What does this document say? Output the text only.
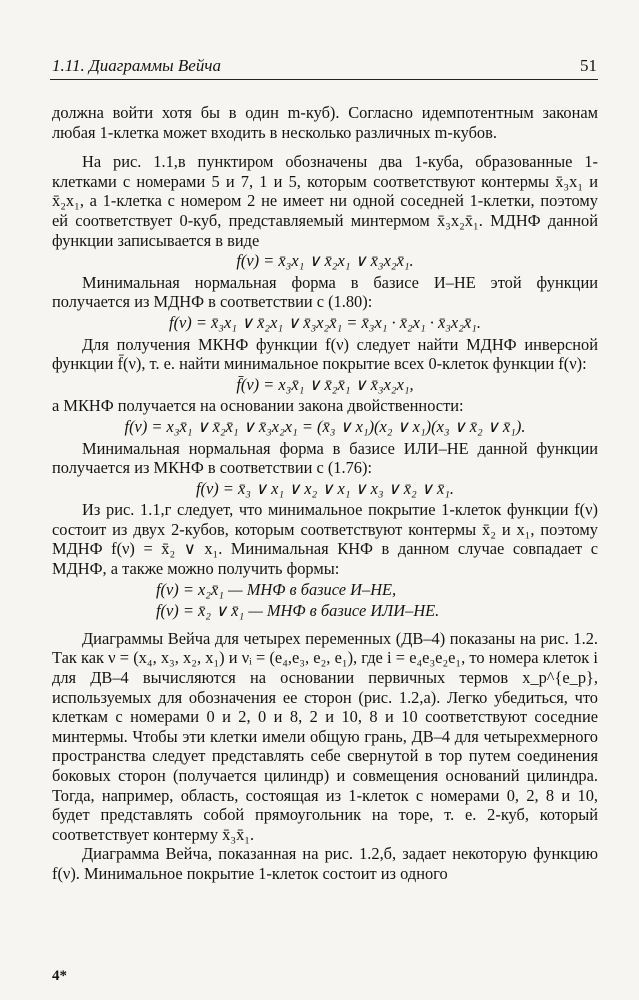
1.11. Диаграммы Вейча	51

должна войти хотя бы в один m-куб). Согласно идемпотентным законам любая 1-клетка может входить в несколько различных m-кубов.

На рис. 1.1,в пунктиром обозначены два 1-куба, образованные 1-клетками с номерами 5 и 7, 1 и 5, которым соответствуют контермы x̄₃x₁ и x̄₂x₁, а 1-клетка с номером 2 не имеет ни одной соседней 1-клетки, поэтому ей соответствует 0-куб, представляемый минтермом x̄₃x₂x̄₁. МДНФ данной функции записывается в виде

f(ν) = x̄₃x₁ ∨ x̄₂x₁ ∨ x̄₃x₂x̄₁.

Минимальная нормальная форма в базисе И–НЕ этой функции получается из МДНФ в соответствии с (1.80):

f(ν) = x̄₃x₁ ∨ x̄₂x₁ ∨ x̄₃x₂x̄₁ = x̄₃x₁ · x̄₂x₁ · x̄₃x₂x̄₁.

Для получения МКНФ функции f(ν) следует найти МДНФ инверсной функции f̄(ν), т. е. найти минимальное покрытие всех 0-клеток функции f(ν):

f̄(ν) = x₃x̄₁ ∨ x̄₂x̄₁ ∨ x̄₃x₂x₁,

а МКНФ получается на основании закона двойственности:

f(ν) = x₃x̄₁ ∨ x̄₂x̄₁ ∨ x̄₃x₂x₁ = (x̄₃ ∨ x₁)(x₂ ∨ x₁)(x₃ ∨ x̄₂ ∨ x̄₁).

Минимальная нормальная форма в базисе ИЛИ–НЕ данной функции получается из МКНФ в соответствии с (1.76):

f(ν) = x̄₃ ∨ x₁ ∨ x₂ ∨ x₁ ∨ x₃ ∨ x̄₂ ∨ x̄₁.

Из рис. 1.1,г следует, что минимальное покрытие 1-клеток функции f(ν) состоит из двух 2-кубов, которым соответствуют контермы x̄₂ и x₁, поэтому МДНФ f(ν) = x̄₂ ∨ x₁. Минимальная КНФ в данном случае совпадает с МДНФ, а также можно получить формы:

f(ν) = x₂x̄₁ — МНФ в базисе И–НЕ,
f(ν) = x̄₂ ∨ x̄₁ — МНФ в базисе ИЛИ–НЕ.

Диаграммы Вейча для четырех переменных (ДВ–4) показаны на рис. 1.2. Так как ν = (x₄, x₃, x₂, x₁) и νᵢ = (e₄,e₃, e₂, e₁), где i = e₄e₃e₂e₁, то номера клеток i для ДВ–4 вычисляются на основании первичных термов x_p^{e_p}, используемых для обозначения ее сторон (рис. 1.2,а). Легко убедиться, что клеткам с номерами 0 и 2, 0 и 8, 2 и 10, 8 и 10 соответствуют соседние минтермы. Чтобы эти клетки имели общую грань, ДВ–4 для четырехмерного пространства следует представлять себе свернутой в тор путем соединения боковых сторон (получается цилиндр) и совмещения оснований цилиндра. Тогда, например, область, состоящая из 1-клеток с номерами 0, 2, 8 и 10, будет представлять собой прямоугольник на торе, т. е. 2-куб, который соответствует контерму x̄₃x̄₁.

Диаграмма Вейча, показанная на рис. 1.2,б, задает некоторую функцию f(ν). Минимальное покрытие 1-клеток состоит из одного

4*
